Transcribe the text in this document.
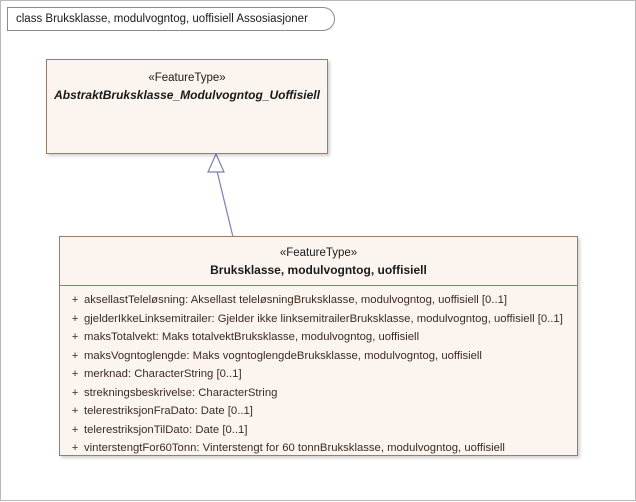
class Bruksklasse, modulvogntog, uoffisiell Assosiasjoner
«FeatureType»
AbstraktBruksklasse_Modulvogntog_Uoffisiell
«FeatureType»
Bruksklasse, modulvogntog, uoffisiell
+ aksellastTeleløsning: Aksellast teleløsningBruksklasse, modulvogntog, uoffisiell [0..1]
+ gjelderIkkeLinksemitrailer: Gjelder ikke linksemitrailerBruksklasse, modulvogntog, uoffisiell [0..1]
+ maksTotalvekt: Maks totalvektBruksklasse, modulvogntog, uoffisiell
+ maksVogntoglengde: Maks vogntoglengdeBruksklasse, modulvogntog, uoffisiell
+ merknad: CharacterString [0..1]
+ strekningsbeskrivelse: CharacterString
+ telerestriksjonFraDato: Date [0..1]
+ telerestriksjonTilDato: Date [0..1]
+ vinterstengtFor60Tonn: Vinterstengt for 60 tonnBruksklasse, modulvogntog, uoffisiell
